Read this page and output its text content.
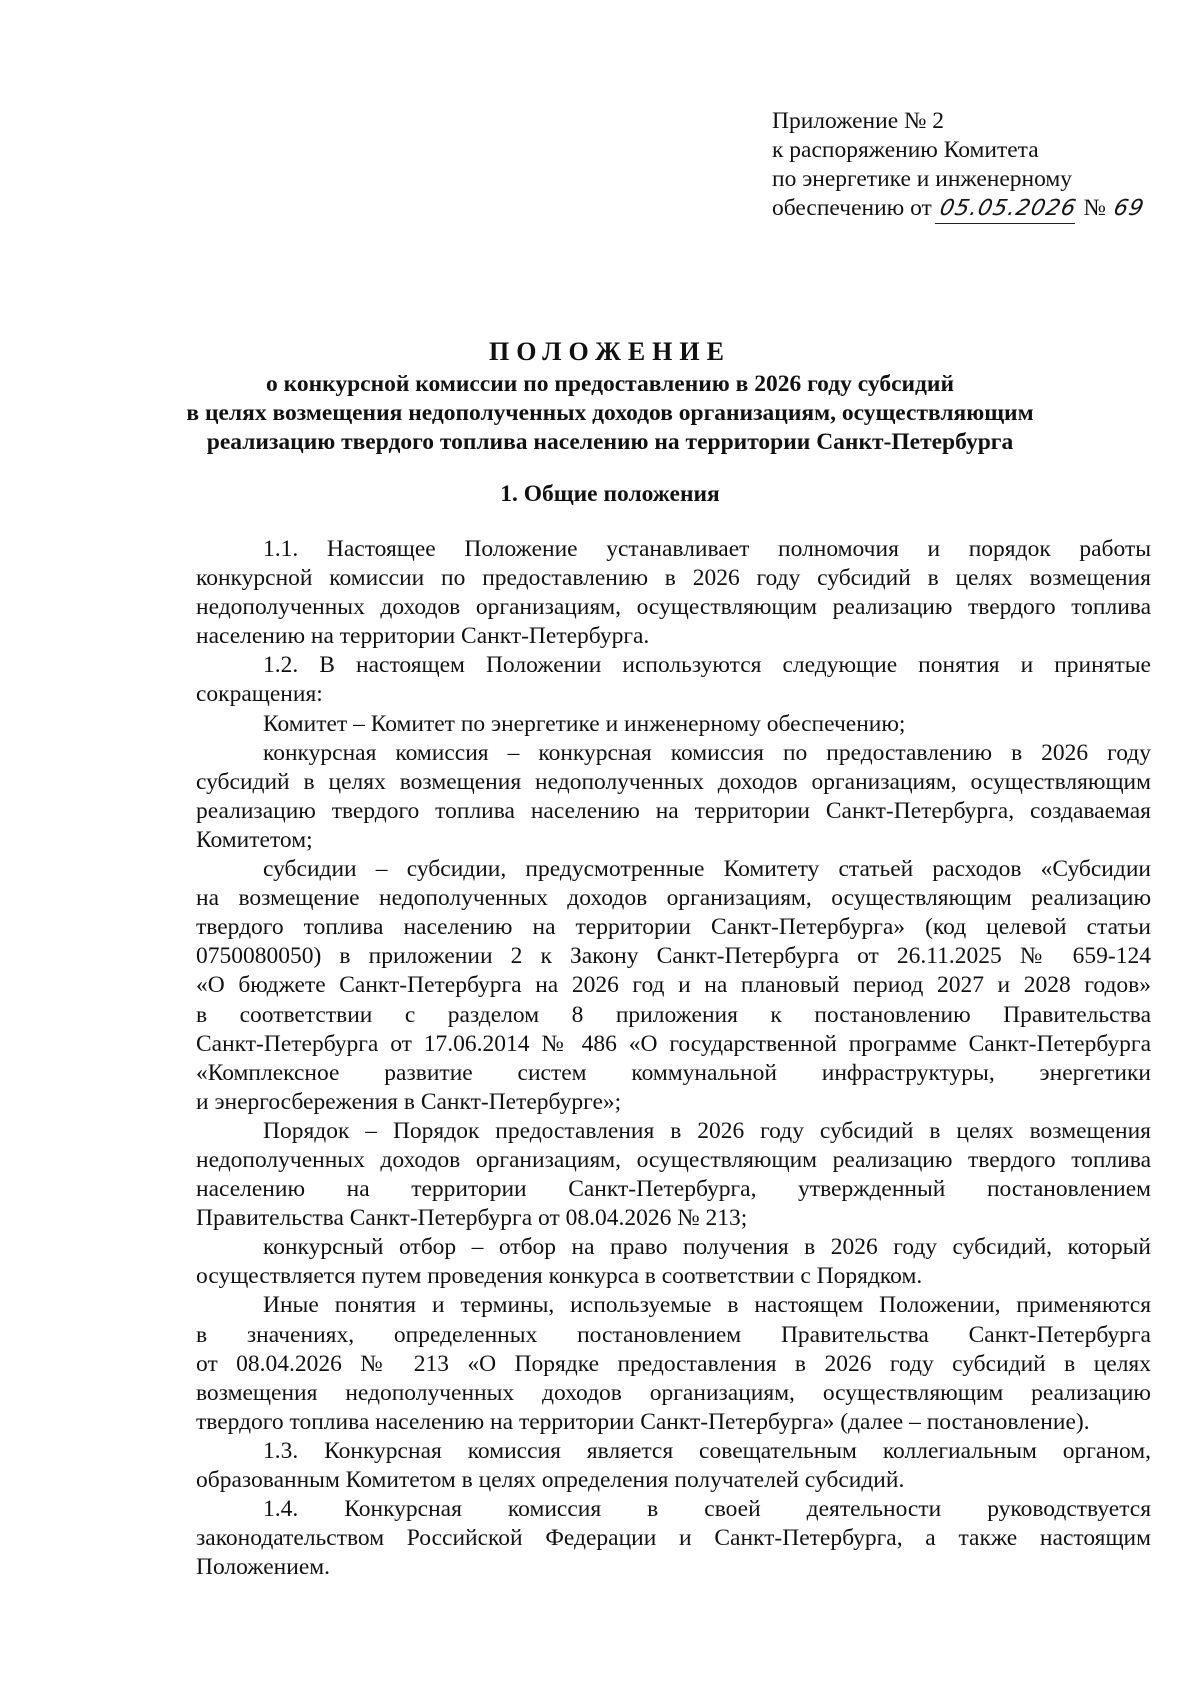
Приложение № 2
к распоряжению Комитета
по энергетике и инженерному
обеспечению от 05.05.2026 № 69
ПОЛОЖЕНИЕ
о конкурсной комиссии по предоставлению в 2026 году субсидий
в целях возмещения недополученных доходов организациям, осуществляющим
реализацию твердого топлива населению на территории Санкт-Петербурга
1. Общие положения
1.1. Настоящее Положение устанавливает полномочия и порядок работы
конкурсной комиссии по предоставлению в 2026 году субсидий в целях возмещения
недополученных доходов организациям, осуществляющим реализацию твердого топлива
населению на территории Санкт-Петербурга.
1.2. В настоящем Положении используются следующие понятия и принятые
сокращения:
Комитет – Комитет по энергетике и инженерному обеспечению;
конкурсная комиссия – конкурсная комиссия по предоставлению в 2026 году
субсидий в целях возмещения недополученных доходов организациям, осуществляющим
реализацию твердого топлива населению на территории Санкт-Петербурга, создаваемая
Комитетом;
субсидии – субсидии, предусмотренные Комитету статьей расходов «Субсидии
на возмещение недополученных доходов организациям, осуществляющим реализацию
твердого топлива населению на территории Санкт-Петербурга» (код целевой статьи
0750080050) в приложении 2 к Закону Санкт-Петербурга от 26.11.2025 № 659-124
«О бюджете Санкт-Петербурга на 2026 год и на плановый период 2027 и 2028 годов»
в соответствии с разделом 8 приложения к постановлению Правительства
Санкт-Петербурга от 17.06.2014 № 486 «О государственной программе Санкт-Петербурга
«Комплексное развитие систем коммунальной инфраструктуры, энергетики
и энергосбережения в Санкт-Петербурге»;
Порядок – Порядок предоставления в 2026 году субсидий в целях возмещения
недополученных доходов организациям, осуществляющим реализацию твердого топлива
населению на территории Санкт-Петербурга, утвержденный постановлением
Правительства Санкт-Петербурга от 08.04.2026 № 213;
конкурсный отбор – отбор на право получения в 2026 году субсидий, который
осуществляется путем проведения конкурса в соответствии с Порядком.
Иные понятия и термины, используемые в настоящем Положении, применяются
в значениях, определенных постановлением Правительства Санкт-Петербурга
от 08.04.2026 № 213 «О Порядке предоставления в 2026 году субсидий в целях
возмещения недополученных доходов организациям, осуществляющим реализацию
твердого топлива населению на территории Санкт-Петербурга» (далее – постановление).
1.3. Конкурсная комиссия является совещательным коллегиальным органом,
образованным Комитетом в целях определения получателей субсидий.
1.4. Конкурсная комиссия в своей деятельности руководствуется
законодательством Российской Федерации и Санкт-Петербурга, а также настоящим
Положением.
